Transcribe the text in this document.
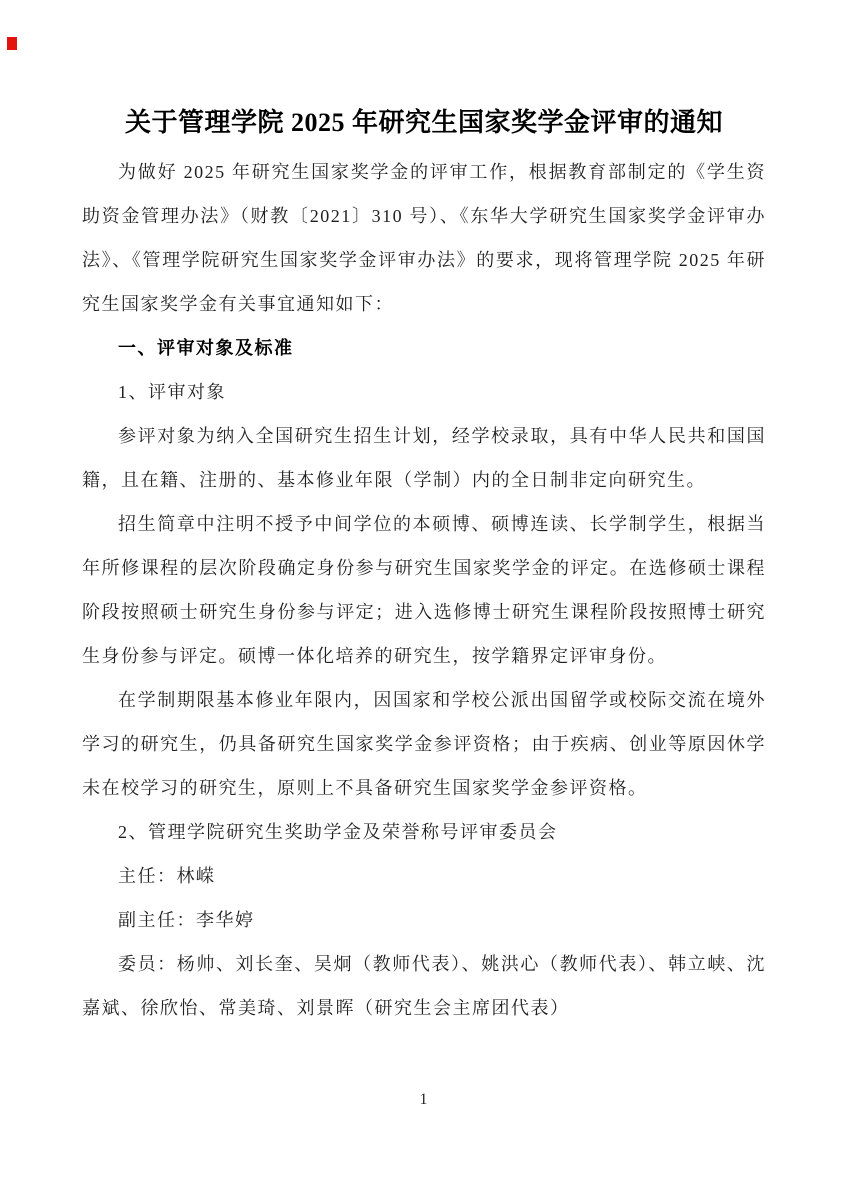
关于管理学院 2025 年研究生国家奖学金评审的通知

为做好 2025 年研究生国家奖学金的评审工作，根据教育部制定的《学生资助资金管理办法》（财教〔2021〕310 号）、《东华大学研究生国家奖学金评审办法》、《管理学院研究生国家奖学金评审办法》的要求，现将管理学院 2025 年研究生国家奖学金有关事宜通知如下：

一、评审对象及标准

1、评审对象

参评对象为纳入全国研究生招生计划，经学校录取，具有中华人民共和国国籍，且在籍、注册的、基本修业年限（学制）内的全日制非定向研究生。

招生简章中注明不授予中间学位的本硕博、硕博连读、长学制学生，根据当年所修课程的层次阶段确定身份参与研究生国家奖学金的评定。在选修硕士课程阶段按照硕士研究生身份参与评定；进入选修博士研究生课程阶段按照博士研究生身份参与评定。硕博一体化培养的研究生，按学籍界定评审身份。

在学制期限基本修业年限内，因国家和学校公派出国留学或校际交流在境外学习的研究生，仍具备研究生国家奖学金参评资格；由于疾病、创业等原因休学未在校学习的研究生，原则上不具备研究生国家奖学金参评资格。

2、管理学院研究生奖助学金及荣誉称号评审委员会

主任：林嵘

副主任：李华婷

委员：杨帅、刘长奎、吴炯（教师代表）、姚洪心（教师代表）、韩立峡、沈嘉斌、徐欣怡、常美琦、刘景晖（研究生会主席团代表）

1
